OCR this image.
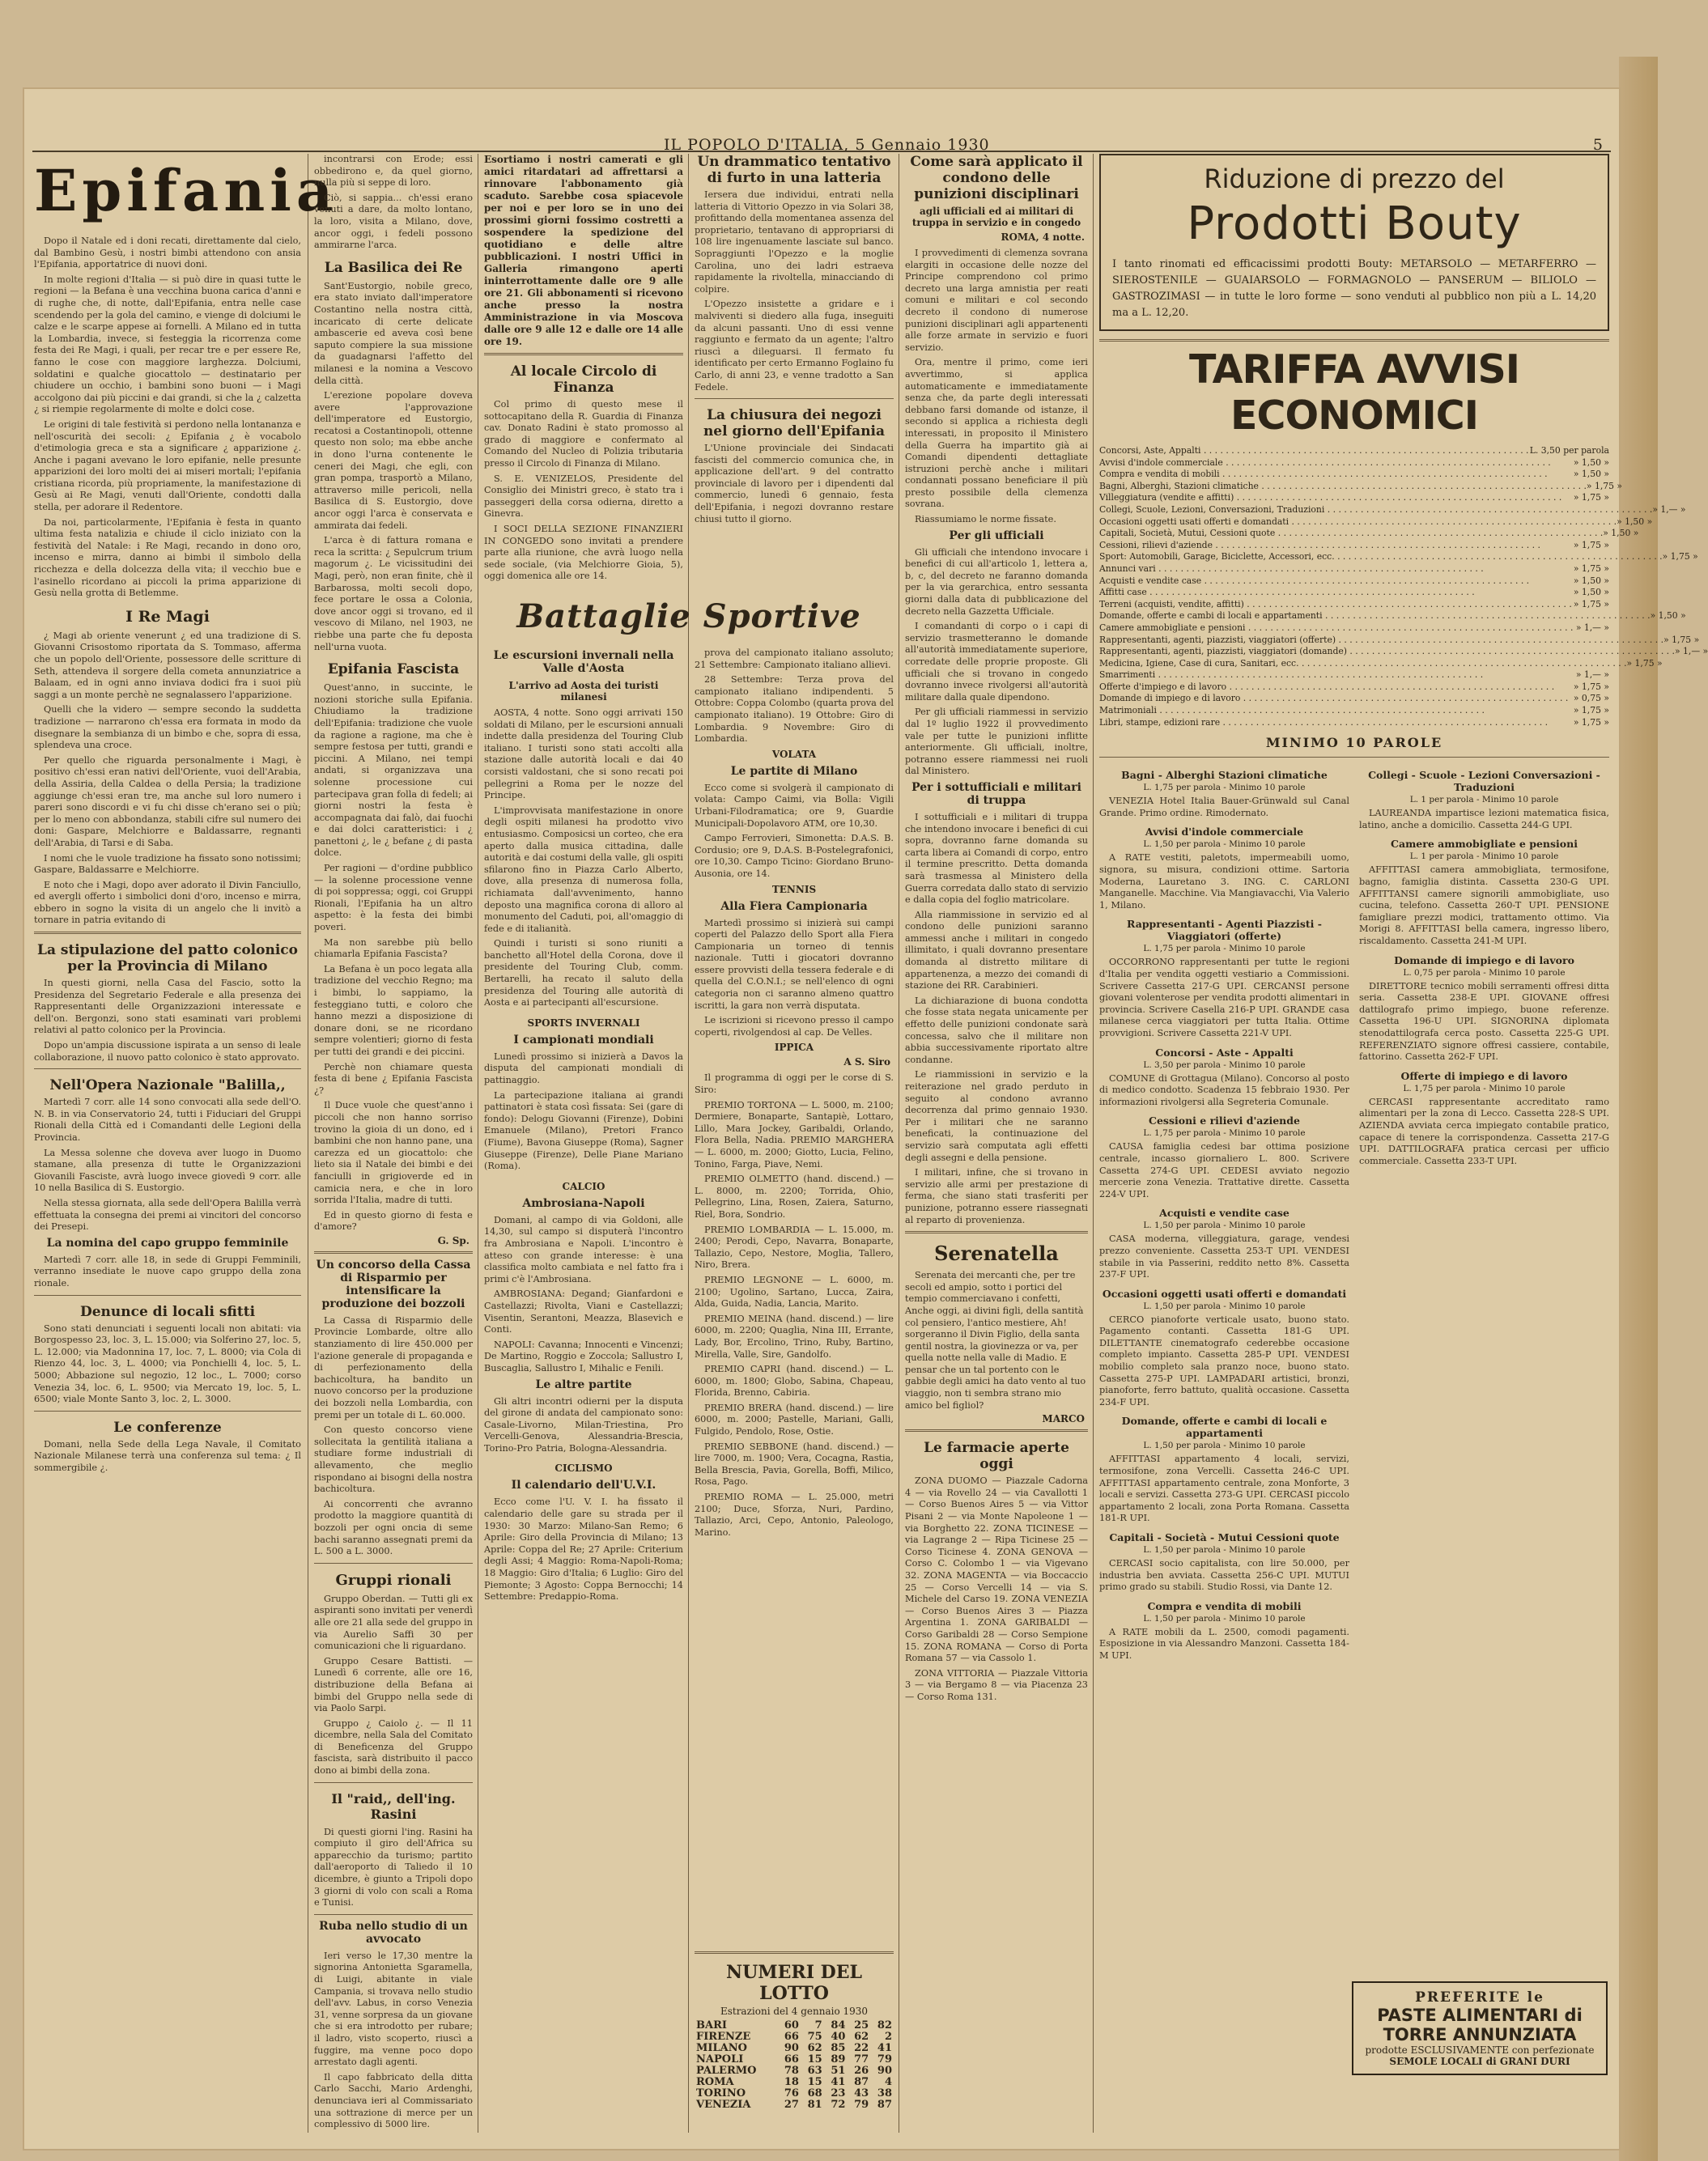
IL POPOLO D'ITALIA, 5 Gennaio 1930	5
Epifania

Dopo il Natale ed i doni recati, direttamente dal cielo, dal Bambino Gesù, i nostri bimbi attendono con ansia l'Epifania, apportatrice di nuovi doni.

In molte regioni d'Italia — si può dire in quasi tutte le regioni — la Befana è una vecchina buona carica d'anni e di rughe che, di notte, dall'Epifania, entra nelle case scendendo per la gola del camino, e vienge di dolciumi le calze e le scarpe appese ai fornelli. A Milano ed in tutta la Lombardia, invece, si festeggia la ricorrenza come festa dei Re Magi, i quali, per recar tre e per essere Re, fanno le cose con maggiore larghezza. Dolciumi, soldatini e qualche giocattolo — destinatario per chiudere un occhio, i bambini sono buoni — i Magi accolgono dai più piccini e dai grandi, si che la ¿ calzetta ¿ si riempie regolarmente di molte e dolci cose.

Le origini di tale festività si perdono nella lontananza e nell'oscurità dei secoli: ¿ Epifania ¿ è vocabolo d'etimologia greca e sta a significare ¿ apparizione ¿. Anche i pagani avevano le loro epifanie, nelle presunte apparizioni dei loro molti dei ai miseri mortali; l'epifania cristiana ricorda, più propriamente, la manifestazione di Gesù ai Re Magi, venuti dall'Oriente, condotti dalla stella, per adorare il Redentore.

Da noi, particolarmente, l'Epifania è festa in quanto ultima festa natalizia e chiude il ciclo iniziato con la festività del Natale: i Re Magi, recando in dono oro, incenso e mirra, danno ai bimbi il simbolo della ricchezza e della dolcezza della vita; il vecchio bue e l'asinello ricordano ai piccoli la prima apparizione di Gesù nella grotta di Betlemme.

I Re Magi

¿ Magi ab oriente venerunt ¿ ed una tradizione di S. Giovanni Crisostomo riportata da S. Tommaso, afferma che un popolo dell'Oriente, possessore delle scritture di Seth, attendeva il sorgere della cometa annunziatrice a Balaam, ed in ogni anno inviava dodici fra i suoi più saggi a un monte perchè ne segnalassero l'apparizione.

Quelli che la videro — sempre secondo la suddetta tradizione — narrarono ch'essa era formata in modo da disegnare la sembianza di un bimbo e che, sopra di essa, splendeva una croce.

Per quello che riguarda personalmente i Magi, è positivo ch'essi eran nativi dell'Oriente, vuoi dell'Arabia, della Assiria, della Caldea o della Persia; la tradizione aggiunge ch'essi eran tre, ma anche sul loro numero i pareri sono discordi e vi fu chi disse ch'erano sei o più; per lo meno con abbondanza, stabili cifre sul numero dei doni: Gaspare, Melchiorre e Baldassarre, regnanti dell'Arabia, di Tarsi e di Saba.

I nomi che le vuole tradizione ha fissato sono notissimi; Gaspare, Baldassarre e Melchiorre.

E noto che i Magi, dopo aver adorato il Divin Fanciullo, ed avergli offerto i simbolici doni d'oro, incenso e mirra, ebbero in sogno la visita di un angelo che li invitò a tornare in patria evitando di

La stipulazione del patto colonico per la Provincia di Milano

In questi giorni, nella Casa del Fascio, sotto la Presidenza del Segretario Federale e alla presenza dei Rappresentanti delle Organizzazioni interessate e dell'on. Bergonzi, sono stati esaminati vari problemi relativi al patto colonico per la Provincia.

Dopo un'ampia discussione ispirata a un senso di leale collaborazione, il nuovo patto colonico è stato approvato.

Nell'Opera Nazionale "Balilla,,

Martedì 7 corr. alle 14 sono convocati alla sede dell'O. N. B. in via Conservatorio 24, tutti i Fiduciari del Gruppi Rionali della Città ed i Comandanti delle Legioni della Provincia.

La Messa solenne che doveva aver luogo in Duomo stamane, alla presenza di tutte le Organizzazioni Giovanili Fasciste, avrà luogo invece giovedì 9 corr. alle 10 nella Basilica di S. Eustorgio.

Nella stessa giornata, alla sede dell'Opera Balilla verrà effettuata la consegna dei premi ai vincitori del concorso dei Presepi.

La nomina del capo gruppo femminile

Martedì 7 corr. alle 18, in sede di Gruppi Femminili, verranno insediate le nuove capo gruppo della zona rionale.

Denunce di locali sfitti

Sono stati denunciati i seguenti locali non abitati: via Borgospesso 23, loc. 3, L. 15.000; via Solferino 27, loc. 5, L. 12.000; via Madonnina 17, loc. 7, L. 8000; via Cola di Rienzo 44, loc. 3, L. 4000; via Ponchielli 4, loc. 5, L. 5000; Abbazione sul negozio, 12 loc., L. 7000; corso Venezia 34, loc. 6, L. 9500; via Mercato 19, loc. 5, L. 6500; viale Monte Santo 3, loc. 2, L. 3000.

Le conferenze

Domani, nella Sede della Lega Navale, il Comitato Nazionale Milanese terrà una conferenza sul tema: ¿ Il sommergibile ¿.

incontrarsi con Erode; essi obbedirono e, da quel giorno, nulla più si seppe di loro.

Ciò, si sappia... ch'essi erano venuti a dare, da molto lontano, la loro, visita a Milano, dove, ancor oggi, i fedeli possono ammirarne l'arca.

La Basilica dei Re

Sant'Eustorgio, nobile greco, era stato inviato dall'imperatore Costantino nella nostra città, incaricato di certe delicate ambascerie ed aveva così bene saputo compiere la sua missione da guadagnarsi l'affetto del milanesi e la nomina a Vescovo della città.

L'erezione popolare doveva avere l'approvazione dell'imperatore ed Eustorgio, recatosi a Costantinopoli, ottenne questo non solo; ma ebbe anche in dono l'urna contenente le ceneri dei Magi, che egli, con gran pompa, trasportò a Milano, attraverso mille pericoli, nella Basilica di S. Eustorgio, dove ancor oggi l'arca è conservata e ammirata dai fedeli.

L'arca è di fattura romana e reca la scritta: ¿ Sepulcrum trium magorum ¿. Le vicissitudini dei Magi, però, non eran finite, chè il Barbarossa, molti secoli dopo, fece portare le ossa a Colonia, dove ancor oggi si trovano, ed il vescovo di Milano, nel 1903, ne riebbe una parte che fu deposta nell'urna vuota.

Epifania Fascista

Quest'anno, in succinte, le nozioni storiche sulla Epifania. Chiudiamo la tradizione dell'Epifania: tradizione che vuole da ragione a ragione, ma che è sempre festosa per tutti, grandi e piccini. A Milano, nei tempi andati, si organizzava una solenne processione cui partecipava gran folla di fedeli; ai giorni nostri la festa è accompagnata dai falò, dai fuochi e dai dolci caratteristici: i ¿ panettoni ¿, le ¿ befane ¿ di pasta dolce.

Per ragioni — d'ordine pubblico — la solenne processione venne di poi soppressa; oggi, coi Gruppi Rionali, l'Epifania ha un altro aspetto: è la festa dei bimbi poveri.

Ma non sarebbe più bello chiamarla Epifania Fascista?

La Befana è un poco legata alla tradizione del vecchio Regno; ma i bimbi, lo sappiamo, la festeggiano tutti, e coloro che hanno mezzi a disposizione di donare doni, se ne ricordano sempre volentieri; giorno di festa per tutti dei grandi e dei piccini.

Perchè non chiamare questa festa di bene ¿ Epifania Fascista ¿?

Il Duce vuole che quest'anno i piccoli che non hanno sorriso trovino la gioia di un dono, ed i bambini che non hanno pane, una carezza ed un giocattolo: che lieto sia il Natale dei bimbi e dei fanciulli in grigioverde ed in camicia nera, e che in loro sorrida l'Italia, madre di tutti.

Ed in questo giorno di festa e d'amore?

G. Sp.
Un concorso della Cassa di Risparmio per intensificare la produzione dei bozzoli

La Cassa di Risparmio delle Provincie Lombarde, oltre allo stanziamento di lire 450.000 per l'azione generale di propaganda e di perfezionamento della bachicoltura, ha bandito un nuovo concorso per la produzione dei bozzoli nella Lombardia, con premi per un totale di L. 60.000.

Con questo concorso viene sollecitata la gentilità italiana a studiare forme industriali di allevamento, che meglio rispondano ai bisogni della nostra bachicoltura.

Ai concorrenti che avranno prodotto la maggiore quantità di bozzoli per ogni oncia di seme bachi saranno assegnati premi da L. 500 a L. 3000.

Gruppi rionali

Gruppo Oberdan. — Tutti gli ex aspiranti sono invitati per venerdì alle ore 21 alla sede del gruppo in via Aurelio Saffi 30 per comunicazioni che li riguardano.

Gruppo Cesare Battisti. — Lunedì 6 corrente, alle ore 16, distribuzione della Befana ai bimbi del Gruppo nella sede di via Paolo Sarpi.

Gruppo ¿ Caiolo ¿. — Il 11 dicembre, nella Sala del Comitato di Beneficenza del Gruppo fascista, sarà distribuito il pacco dono ai bimbi della zona.

Il "raid,, dell'ing. Rasini

Di questi giorni l'ing. Rasini ha compiuto il giro dell'Africa su apparecchio da turismo; partito dall'aeroporto di Taliedo il 10 dicembre, è giunto a Tripoli dopo 3 giorni di volo con scali a Roma e Tunisi.

Ruba nello studio di un avvocato

Ieri verso le 17,30 mentre la signorina Antonietta Sgaramella, di Luigi, abitante in viale Campania, si trovava nello studio dell'avv. Labus, in corso Venezia 31, venne sorpresa da un giovane che si era introdotto per rubare; il ladro, visto scoperto, riuscì a fuggire, ma venne poco dopo arrestato dagli agenti.

Il capo fabbricato della ditta Carlo Sacchi, Mario Ardenghi, denunciava ieri al Commissariato una sottrazione di merce per un complessivo di 5000 lire.

Esortiamo i nostri camerati e gli amici ritardatari ad affrettarsi a rinnovare l'abbonamento già scaduto. Sarebbe cosa spiacevole per noi e per loro se in uno dei prossimi giorni fossimo costretti a sospendere la spedizione del quotidiano e delle altre pubblicazioni. I nostri Uffici in Galleria rimangono aperti ininterrottamente dalle ore 9 alle ore 21. Gli abbonamenti si ricevono anche presso la nostra Amministrazione in via Moscova dalle ore 9 alle 12 e dalle ore 14 alle ore 19.

Al locale Circolo di Finanza

Col primo di questo mese il sottocapitano della R. Guardia di Finanza cav. Donato Radini è stato promosso al grado di maggiore e confermato al Comando del Nucleo di Polizia tributaria presso il Circolo di Finanza di Milano.

S. E. VENIZELOS, Presidente del Consiglio dei Ministri greco, è stato tra i passeggeri della corsa odierna, diretto a Ginevra.

I SOCI DELLA SEZIONE FINANZIERI IN CONGEDO sono invitati a prendere parte alla riunione, che avrà luogo nella sede sociale, (via Melchiorre Gioia, 5), oggi domenica alle ore 14.

Battaglie Sportive
Le escursioni invernali nella Valle d'Aosta
L'arrivo ad Aosta dei turisti milanesi

AOSTA, 4 notte. Sono oggi arrivati 150 soldati di Milano, per le escursioni annuali indette dalla presidenza del Touring Club italiano. I turisti sono stati accolti alla stazione dalle autorità locali e dai 40 corsisti valdostani, che si sono recati poi pellegrini a Roma per le nozze del Principe.

L'improvvisata manifestazione in onore degli ospiti milanesi ha prodotto vivo entusiasmo. Composicsi un corteo, che era aperto dalla musica cittadina, dalle autorità e dai costumi della valle, gli ospiti sfilarono fino in Piazza Carlo Alberto, dove, alla presenza di numerosa folla, richiamata dall'avvenimento, hanno deposto una magnifica corona di alloro al monumento del Caduti, poi, all'omaggio di fede e di italianità.

Quindi i turisti si sono riuniti a banchetto all'Hotel della Corona, dove il presidente del Touring Club, comm. Bertarelli, ha recato il saluto della presidenza del Touring alle autorità di Aosta e ai partecipanti all'escursione.

SPORTS INVERNALI
I campionati mondiali

Lunedì prossimo si inizierà a Davos la disputa del campionati mondiali di pattinaggio.

La partecipazione italiana ai grandi pattinatori è stata così fissata: Sei (gare di fondo): Delogu Giovanni (Firenze), Dobini Emanuele (Milano), Pretori Franco (Fiume), Bavona Giuseppe (Roma), Sagner Giuseppe (Firenze), Delle Piane Mariano (Roma).

CALCIO
Ambrosiana-Napoli

Domani, al campo di via Goldoni, alle 14,30, sul campo si disputerà l'incontro fra Ambrosiana e Napoli. L'incontro è atteso con grande interesse: è una classifica molto cambiata e nel fatto fra i primi c'è l'Ambrosiana.

AMBROSIANA: Degand; Gianfardoni e Castellazzi; Rivolta, Viani e Castellazzi; Visentin, Serantoni, Meazza, Blasevich e Conti.

NAPOLI: Cavanna; Innocenti e Vincenzi; De Martino, Roggio e Zoccola; Sallustro I, Buscaglia, Sallustro I, Mihalic e Fenili.

Le altre partite

Gli altri incontri odierni per la disputa del girone di andata del campionato sono: Casale-Livorno, Milan-Triestina, Pro Vercelli-Genova, Alessandria-Brescia, Torino-Pro Patria, Bologna-Alessandria.

CICLISMO
Il calendario dell'U.V.I.

Ecco come l'U. V. I. ha fissato il calendario delle gare su strada per il 1930: 30 Marzo: Milano-San Remo; 6 Aprile: Giro della Provincia di Milano; 13 Aprile: Coppa del Re; 27 Aprile: Criterium degli Assi; 4 Maggio: Roma-Napoli-Roma; 18 Maggio: Giro d'Italia; 6 Luglio: Giro del Piemonte; 3 Agosto: Coppa Bernocchi; 14 Settembre: Predappio-Roma.

Un drammatico tentativo di furto in una latteria

Iersera due individui, entrati nella latteria di Vittorio Opezzo in via Solari 38, profittando della momentanea assenza del proprietario, tentavano di appropriarsi di 108 lire ingenuamente lasciate sul banco. Sopraggiunti l'Opezzo e la moglie Carolina, uno dei ladri estraeva rapidamente la rivoltella, minacciando di colpire.

L'Opezzo insistette a gridare e i malviventi si diedero alla fuga, inseguiti da alcuni passanti. Uno di essi venne raggiunto e fermato da un agente; l'altro riuscì a dileguarsi. Il fermato fu identificato per certo Ermanno Foglaino fu Carlo, di anni 23, e venne tradotto a San Fedele.

La chiusura dei negozi nel giorno dell'Epifania

L'Unione provinciale dei Sindacati fascisti del commercio comunica che, in applicazione dell'art. 9 del contratto provinciale di lavoro per i dipendenti dal commercio, lunedì 6 gennaio, festa dell'Epifania, i negozi dovranno restare chiusi tutto il giorno.

prova del campionato italiano assoluto; 21 Settembre: Campionato italiano allievi.

28 Settembre: Terza prova del campionato italiano indipendenti. 5 Ottobre: Coppa Colombo (quarta prova del campionato italiano). 19 Ottobre: Giro di Lombardia. 9 Novembre: Giro di Lombardia.

VOLATA
Le partite di Milano

Ecco come si svolgerà il campionato di volata: Campo Caimi, via Bolla: Vigili Urbani-Filodramatica; ore 9, Guardie Municipali-Dopolavoro ATM, ore 10,30.

Campo Ferrovieri, Simonetta: D.A.S. B. Cordusio; ore 9, D.A.S. B-Postelegrafonici, ore 10,30. Campo Ticino: Giordano Bruno-Ausonia, ore 14.

TENNIS
Alla Fiera Campionaria

Martedì prossimo si inizierà sui campi coperti del Palazzo dello Sport alla Fiera Campionaria un torneo di tennis nazionale. Tutti i giocatori dovranno essere provvisti della tessera federale e di quella del C.O.N.I.; se nell'elenco di ogni categoria non ci saranno almeno quattro iscritti, la gara non verrà disputata.

Le iscrizioni si ricevono presso il campo coperti, rivolgendosi al cap. De Velles.

IPPICA
A S. Siro

Il programma di oggi per le corse di S. Siro:

PREMIO TORTONA — L. 5000, m. 2100; Dermiere, Bonaparte, Santapiè, Lottaro, Lillo, Mara Jockey, Garibaldi, Orlando, Flora Bella, Nadia. PREMIO MARGHERA — L. 6000, m. 2000; Giotto, Lucia, Felino, Tonino, Farga, Piave, Nemi.

PREMIO OLMETTO (hand. discend.) — L. 8000, m. 2200; Torrida, Ohio, Pellegrino, Lina, Rosen, Zaiera, Saturno, Riel, Bora, Sondrio.

PREMIO LOMBARDIA — L. 15.000, m. 2400; Perodi, Cepo, Navarra, Bonaparte, Tallazio, Cepo, Nestore, Moglia, Tallero, Niro, Brera.

PREMIO LEGNONE — L. 6000, m. 2100; Ugolino, Sartano, Lucca, Zaira, Alda, Guida, Nadia, Lancia, Marito.

PREMIO MEINA (hand. discend.) — lire 6000, m. 2200; Quaglia, Nina III, Errante, Lady, Bor, Ercolino, Trino, Ruby, Bartino, Mirella, Valle, Sire, Gandolfo.

PREMIO CAPRI (hand. discend.) — L. 6000, m. 1800; Globo, Sabina, Chapeau, Florida, Brenno, Cabiria.

PREMIO BRERA (hand. discend.) — lire 6000, m. 2000; Pastelle, Mariani, Galli, Fulgido, Pendolo, Rose, Ostie.

PREMIO SEBBONE (hand. discend.) — lire 7000, m. 1900; Vera, Cocagna, Rastia, Bella Brescia, Pavia, Gorella, Boffi, Milico, Rosa, Pago.

PREMIO ROMA — L. 25.000, metri 2100; Duce, Sforza, Nuri, Pardino, Tallazio, Arci, Cepo, Antonio, Paleologo, Marino.

NUMERI DEL LOTTO
Estrazioni del 4 gennaio 1930
BARI	60	7	84	25	82
FIRENZE	66	75	40	62	2
MILANO	90	62	85	22	41
NAPOLI	66	15	89	77	79
PALERMO	78	63	51	26	90
ROMA	18	15	41	87	4
TORINO	76	68	23	43	38
VENEZIA	27	81	72	79	87
Come sarà applicato il condono delle punizioni disciplinari
agli ufficiali ed ai militari di truppa in servizio e in congedo
ROMA, 4 notte.

I provvedimenti di clemenza sovrana elargiti in occasione delle nozze del Principe comprendono col primo decreto una larga amnistia per reati comuni e militari e col secondo decreto il condono di numerose punizioni disciplinari agli appartenenti alle forze armate in servizio e fuori servizio.

Ora, mentre il primo, come ieri avvertimmo, si applica automaticamente e immediatamente senza che, da parte degli interessati debbano farsi domande od istanze, il secondo si applica a richiesta degli interessati, in proposito il Ministero della Guerra ha impartito già ai Comandi dipendenti dettagliate istruzioni perchè anche i militari condannati possano beneficiare il più presto possibile della clemenza sovrana.

Riassumiamo le norme fissate.

Per gli ufficiali

Gli ufficiali che intendono invocare i benefici di cui all'articolo 1, lettera a, b, c, del decreto ne faranno domanda per la via gerarchica, entro sessanta giorni dalla data di pubblicazione del decreto nella Gazzetta Ufficiale.

I comandanti di corpo o i capi di servizio trasmetteranno le domande all'autorità immediatamente superiore, corredate delle proprie proposte. Gli ufficiali che si trovano in congedo dovranno invece rivolgersi all'autorità militare dalla quale dipendono.

Per gli ufficiali riammessi in servizio dal 1º luglio 1922 il provvedimento vale per tutte le punizioni inflitte anteriormente. Gli ufficiali, inoltre, potranno essere riammessi nei ruoli dal Ministero.

Per i sottufficiali e militari di truppa

I sottufficiali e i militari di truppa che intendono invocare i benefici di cui sopra, dovranno farne domanda su carta libera ai Comandi di corpo, entro il termine prescritto. Detta domanda sarà trasmessa al Ministero della Guerra corredata dallo stato di servizio e dalla copia del foglio matricolare.

Alla riammissione in servizio ed al condono delle punizioni saranno ammessi anche i militari in congedo illimitato, i quali dovranno presentare domanda al distretto militare di appartenenza, a mezzo dei comandi di stazione dei RR. Carabinieri.

La dichiarazione di buona condotta che fosse stata negata unicamente per effetto delle punizioni condonate sarà concessa, salvo che il militare non abbia successivamente riportato altre condanne.

Le riammissioni in servizio e la reiterazione nel grado perduto in seguito al condono avranno decorrenza dal primo gennaio 1930. Per i militari che ne saranno beneficati, la continuazione del servizio sarà computata agli effetti degli assegni e della pensione.

I militari, infine, che si trovano in servizio alle armi per prestazione di ferma, che siano stati trasferiti per punizione, potranno essere riassegnati al reparto di provenienza.

Serenatella

Serenata dei mercanti che, per tre secoli ed ampio, sotto i portici del tempio commerciavano i confetti, Anche oggi, ai divini figli, della santità col pensiero, l'antico mestiere, Ah! sorgeranno il Divin Figlio, della santa gentil nostra, la giovinezza or va, per quella notte nella valle di Madio. E pensar che un tal portento con le gabbie degli amici ha dato vento al tuo viaggio, non ti sembra strano mio amico bel figliol?

MARCO
Le farmacie aperte oggi

ZONA DUOMO — Piazzale Cadorna 4 — via Rovello 24 — via Cavallotti 1 — Corso Buenos Aires 5 — via Vittor Pisani 2 — via Monte Napoleone 1 — via Borghetto 22. ZONA TICINESE — via Lagrange 2 — Ripa Ticinese 25 — Corso Ticinese 4. ZONA GENOVA — Corso C. Colombo 1 — via Vigevano 32. ZONA MAGENTA — via Boccaccio 25 — Corso Vercelli 14 — via S. Michele del Carso 19. ZONA VENEZIA — Corso Buenos Aires 3 — Piazza Argentina 1. ZONA GARIBALDI — Corso Garibaldi 28 — Corso Sempione 15. ZONA ROMANA — Corso di Porta Romana 57 — via Cassolo 1.

ZONA VITTORIA — Piazzale Vittoria 3 — via Bergamo 8 — via Piacenza 23 — Corso Roma 131.

Riduzione di prezzo del
Prodotti Bouty

I tanto rinomati ed efficacissimi prodotti Bouty: METARSOLO — METARFERRO — SIEROSTENILE — GUAIARSOLO — FORMAGNOLO — PANSERUM — BILIOLO — GASTROZIMASI — in tutte le loro forme — sono venduti al pubblico non più a L. 14,20 ma a L. 12,20.

TARIFFA AVVISI ECONOMICI
Concorsi, Aste, Appalti . . .	L. 3,50 per parola
Avvisi d'indole commerciale . . .	» 1,50 »
Compra e vendita di mobili . . .	» 1,50 »
Bagni, Alberghi, Stazioni climatiche . . .	» 1,75 »
Villeggiatura (vendite e affitti) . . .	» 1,75 »
Collegi, Scuole, Lezioni, Conversazioni, Traduzioni . . .	» 1,— »
Occasioni oggetti usati offerti e domandati . . .	» 1,50 »
Capitali, Società, Mutui, Cessioni quote . . .	» 1,50 »
Cessioni, rilievi d'aziende . . .	» 1,75 »
Sport: Automobili, Garage, Biciclette, Accessori, ecc. . . .	» 1,75 »
Annunci vari . . .	» 1,75 »
Acquisti e vendite case . . .	» 1,50 »
Affitti case . . .	» 1,50 »
Terreni (acquisti, vendite, affitti) . . .	» 1,75 »
Domande, offerte e cambi di locali e appartamenti . . .	» 1,50 »
Camere ammobigliate e pensioni . . .	» 1,— »
Rappresentanti, agenti, piazzisti, viaggiatori (offerte) . . .	» 1,75 »
Rappresentanti, agenti, piazzisti, viaggiatori (domande) . . .	» 1,— »
Medicina, Igiene, Case di cura, Sanitari, ecc. . . .	» 1,75 »
Smarrimenti . . .	» 1,— »
Offerte d'impiego e di lavoro . . .	» 1,75 »
Domande di impiego e di lavoro . . .	» 0,75 »
Matrimoniali . . .	» 1,75 »
Libri, stampe, edizioni rare . . .	» 1,75 »
MINIMO 10 PAROLE
Bagni - Alberghi Stazioni climatiche
L. 1,75 per parola - Minimo 10 parole

VENEZIA Hotel Italia Bauer-Grünwald sul Canal Grande. Primo ordine. Rimodernato.

Avvisi d'indole commerciale
L. 1,50 per parola - Minimo 10 parole

A RATE vestiti, paletots, impermeabili uomo, signora, su misura, condizioni ottime. Sartoria Moderna, Lauretano 3. ING. C. CARLONI Manganelle. Macchine. Via Mangiavacchi, Via Valerio 1, Milano.

Rappresentanti - Agenti Piazzisti - Viaggiatori (offerte)
L. 1,75 per parola - Minimo 10 parole

OCCORRONO rappresentanti per tutte le regioni d'Italia per vendita oggetti vestiario a Commissioni. Scrivere Cassetta 217-G UPI. CERCANSI persone giovani volenterose per vendita prodotti alimentari in provincia. Scrivere Casella 216-P UPI. GRANDE casa milanese cerca viaggiatori per tutta Italia. Ottime provvigioni. Scrivere Cassetta 221-V UPI.

Concorsi - Aste - Appalti
L. 3,50 per parola - Minimo 10 parole

COMUNE di Grottagua (Milano). Concorso al posto di medico condotto. Scadenza 15 febbraio 1930. Per informazioni rivolgersi alla Segreteria Comunale.

Cessioni e rilievi d'aziende
L. 1,75 per parola - Minimo 10 parole

CAUSA famiglia cedesi bar ottima posizione centrale, incasso giornaliero L. 800. Scrivere Cassetta 274-G UPI. CEDESI avviato negozio mercerie zona Venezia. Trattative dirette. Cassetta 224-V UPI.

Acquisti e vendite case
L. 1,50 per parola - Minimo 10 parole

CASA moderna, villeggiatura, garage, vendesi prezzo conveniente. Cassetta 253-T UPI. VENDESI stabile in via Passerini, reddito netto 8%. Cassetta 237-F UPI.

Occasioni oggetti usati offerti e domandati
L. 1,50 per parola - Minimo 10 parole

CERCO pianoforte verticale usato, buono stato. Pagamento contanti. Cassetta 181-G UPI. DILETTANTE cinematografo cederebbe occasione completo impianto. Cassetta 285-P UPI. VENDESI mobilio completo sala pranzo noce, buono stato. Cassetta 275-P UPI. LAMPADARI artistici, bronzi, pianoforte, ferro battuto, qualità occasione. Cassetta 234-F UPI.

Domande, offerte e cambi di locali e appartamenti
L. 1,50 per parola - Minimo 10 parole

AFFITTASI appartamento 4 locali, servizi, termosifone, zona Vercelli. Cassetta 246-C UPI. AFFITTASI appartamento centrale, zona Monforte, 3 locali e servizi. Cassetta 273-G UPI. CERCASI piccolo appartamento 2 locali, zona Porta Romana. Cassetta 181-R UPI.

Capitali - Società - Mutui Cessioni quote
L. 1,50 per parola - Minimo 10 parole

CERCASI socio capitalista, con lire 50.000, per industria ben avviata. Cassetta 256-C UPI. MUTUI primo grado su stabili. Studio Rossi, via Dante 12.

Compra e vendita di mobili
L. 1,50 per parola - Minimo 10 parole

A RATE mobili da L. 2500, comodi pagamenti. Esposizione in via Alessandro Manzoni. Cassetta 184-M UPI.

Collegi - Scuole - Lezioni Conversazioni - Traduzioni
L. 1 per parola - Minimo 10 parole

LAUREANDA impartisce lezioni matematica fisica, latino, anche a domicilio. Cassetta 244-G UPI.

Camere ammobigliate e pensioni
L. 1 per parola - Minimo 10 parole

AFFITTASI camera ammobigliata, termosifone, bagno, famiglia distinta. Cassetta 230-G UPI. AFFITTANSI camere signorili ammobigliate, uso cucina, telefono. Cassetta 260-T UPI. PENSIONE famigliare prezzi modici, trattamento ottimo. Via Morigi 8. AFFITTASI bella camera, ingresso libero, riscaldamento. Cassetta 241-M UPI.

Domande di impiego e di lavoro
L. 0,75 per parola - Minimo 10 parole

DIRETTORE tecnico mobili serramenti offresi ditta seria. Cassetta 238-E UPI. GIOVANE offresi dattilografo primo impiego, buone referenze. Cassetta 196-U UPI. SIGNORINA diplomata stenodattilografa cerca posto. Cassetta 225-G UPI. REFERENZIATO signore offresi cassiere, contabile, fattorino. Cassetta 262-F UPI.

Offerte di impiego e di lavoro
L. 1,75 per parola - Minimo 10 parole

CERCASI rappresentante accreditato ramo alimentari per la zona di Lecco. Cassetta 228-S UPI. AZIENDA avviata cerca impiegato contabile pratico, capace di tenere la corrispondenza. Cassetta 217-G UPI. DATTILOGRAFA pratica cercasi per ufficio commerciale. Cassetta 233-T UPI.

PREFERITE le
PASTE ALIMENTARI di TORRE ANNUNZIATA
prodotte ESCLUSIVAMENTE con perfezionate
SEMOLE LOCALI di GRANI DURI
